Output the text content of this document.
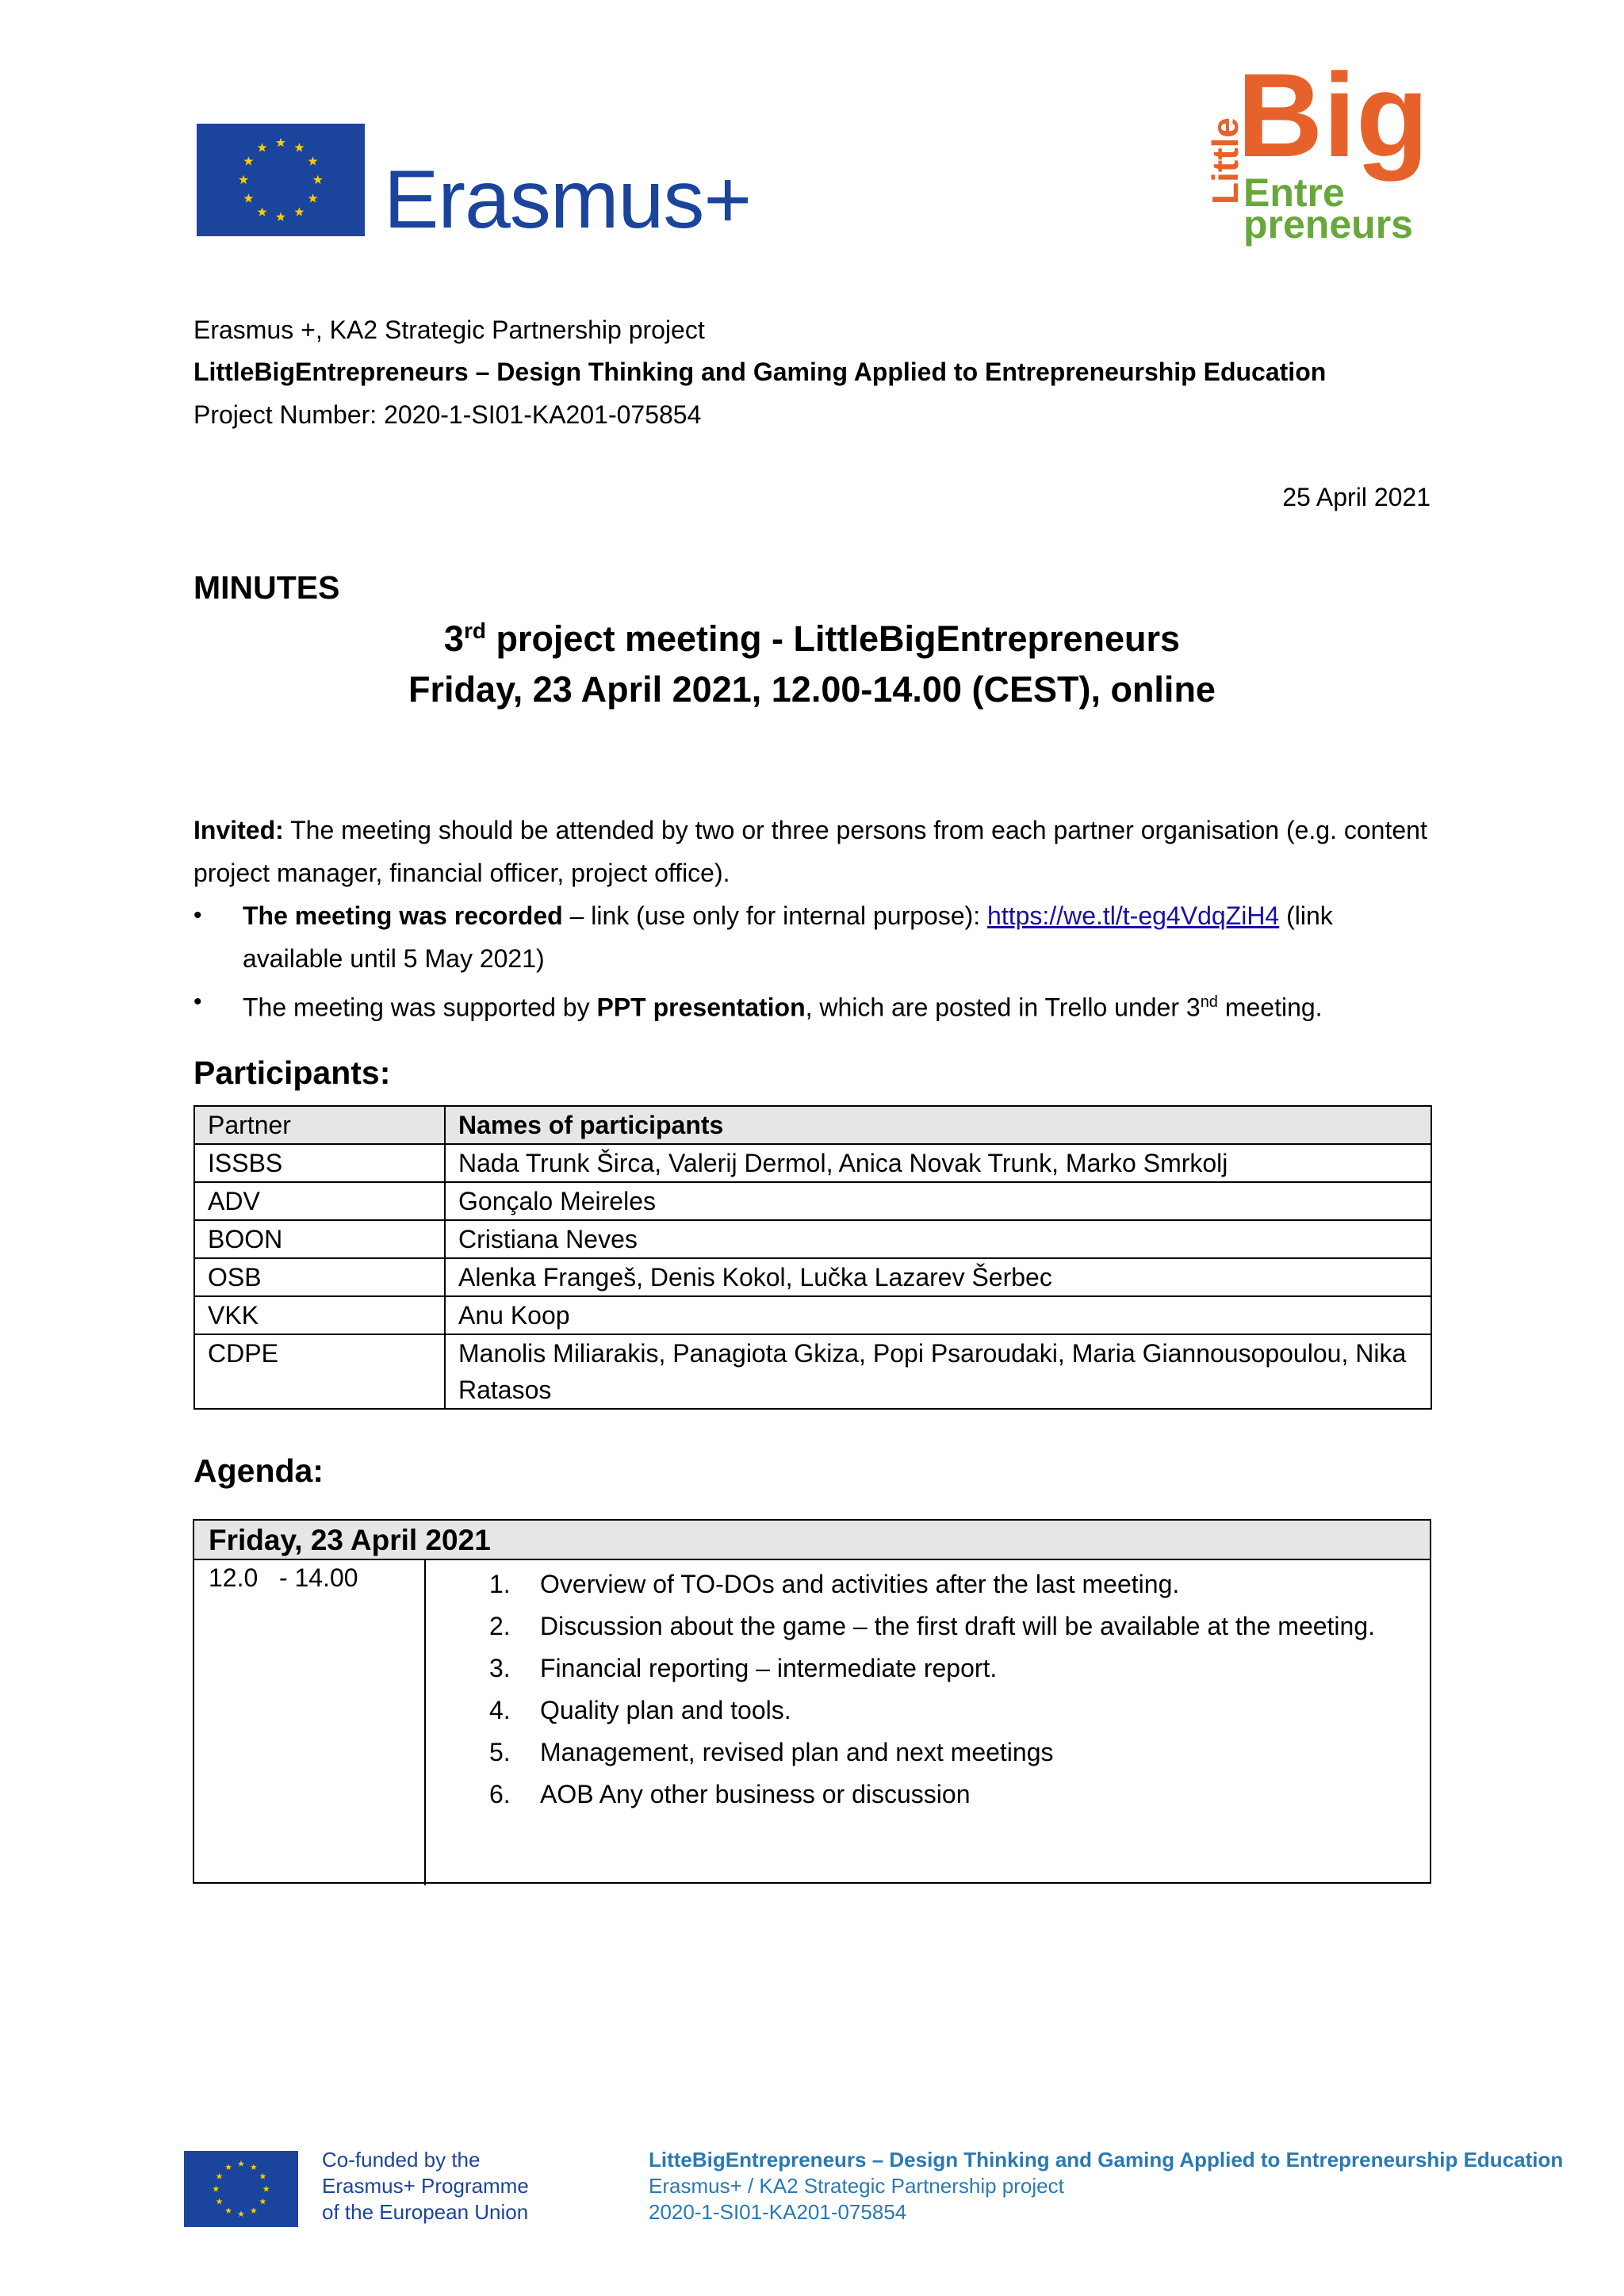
Erasmus+	Little
Big
Entre
preneurs
Erasmus +, KA2 Strategic Partnership project
LittleBigEntrepreneurs – Design Thinking and Gaming Applied to Entrepreneurship Education
Project Number: 2020-1-SI01-KA201-075854
25 April 2021
MINUTES
3rd project meeting - LittleBigEntrepreneurs
Friday, 23 April 2021, 12.00-14.00 (CEST), online
Invited: The meeting should be attended by two or three persons from each partner organisation (e.g. content project manager, financial officer, project office).
• The meeting was recorded – link (use only for internal purpose): https://we.tl/t-eg4VdqZiH4 (link available until 5 May 2021)
• The meeting was supported by PPT presentation, which are posted in Trello under 3nd meeting.
Participants:
Partner	Names of participants
ISSBS	Nada Trunk Širca, Valerij Dermol, Anica Novak Trunk, Marko Smrkolj
ADV	Gonçalo Meireles
BOON	Cristiana Neves
OSB	Alenka Frangeš, Denis Kokol, Lučka Lazarev Šerbec
VKK	Anu Koop
CDPE	Manolis Miliarakis, Panagiota Gkiza, Popi Psaroudaki, Maria Giannousopoulou, Nika Ratasos
Agenda:
Friday, 23 April 2021
12.0   - 14.00	1. Overview of TO-DOs and activities after the last meeting.
2. Discussion about the game – the first draft will be available at the meeting.
3. Financial reporting – intermediate report.
4. Quality plan and tools.
5. Management, revised plan and next meetings
6. AOB Any other business or discussion
Co-funded by the
Erasmus+ Programme
of the European Union
LitteBigEntrepreneurs – Design Thinking and Gaming Applied to Entrepreneurship Education
Erasmus+ / KA2 Strategic Partnership project
2020-1-SI01-KA201-075854
